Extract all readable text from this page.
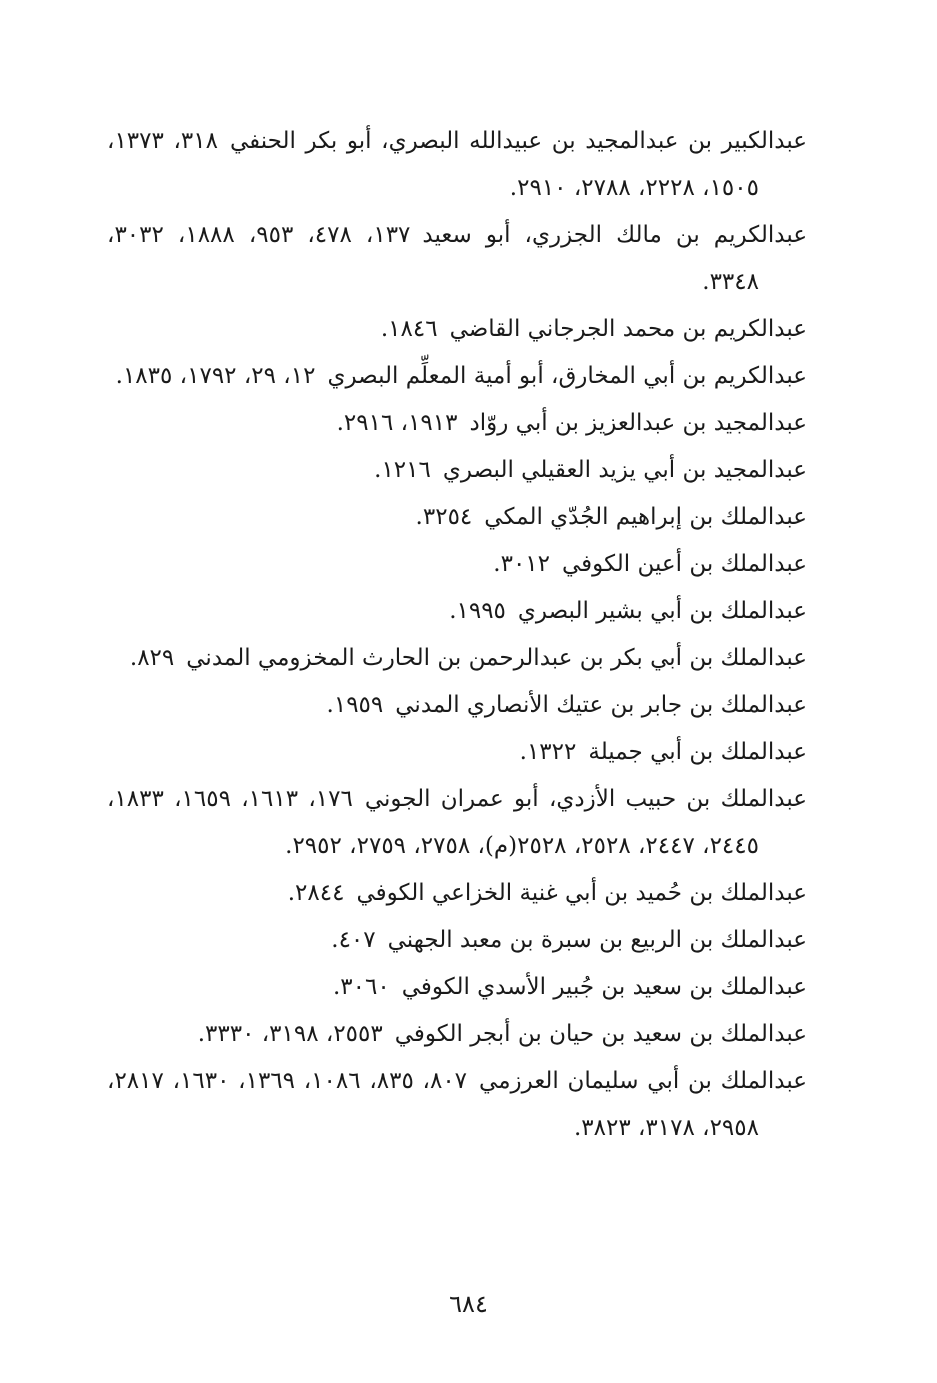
عبدالكبير بن عبدالمجيد بن عبيدالله البصري، أبو بكر الحنفي٣١٨، ١٣٧٣، ١٥٠٥، ٢٢٢٨، ٢٧٨٨، ٢٩١٠.
عبدالكريم بن مالك الجزري، أبو سعيد١٣٧، ٤٧٨، ٩٥٣، ١٨٨٨، ٣٠٣٢، ٣٣٤٨.
عبدالكريم بن محمد الجرجاني القاضي١٨٤٦.
عبدالكريم بن أبي المخارق، أبو أمية المعلِّم البصري١٢، ٢٩، ١٧٩٢، ١٨٣٥.
عبدالمجيد بن عبدالعزيز بن أبي روّاد١٩١٣، ٢٩١٦.
عبدالمجيد بن أبي يزيد العقيلي البصري١٢١٦.
عبدالملك بن إبراهيم الجُدّي المكي٣٢٥٤.
عبدالملك بن أعين الكوفي٣٠١٢.
عبدالملك بن أبي بشير البصري١٩٩٥.
عبدالملك بن أبي بكر بن عبدالرحمن بن الحارث المخزومي المدني٨٢٩.
عبدالملك بن جابر بن عتيك الأنصاري المدني١٩٥٩.
عبدالملك بن أبي جميلة١٣٢٢.
عبدالملك بن حبيب الأزدي، أبو عمران الجوني١٧٦، ١٦١٣، ١٦٥٩، ١٨٣٣، ٢٤٤٥، ٢٤٤٧، ٢٥٢٨، ٢٥٢٨(م)، ٢٧٥٨، ٢٧٥٩، ٢٩٥٢.
عبدالملك بن حُميد بن أبي غنية الخزاعي الكوفي٢٨٤٤.
عبدالملك بن الربيع بن سبرة بن معبد الجهني٤٠٧.
عبدالملك بن سعيد بن جُبير الأسدي الكوفي٣٠٦٠.
عبدالملك بن سعيد بن حيان بن أبجر الكوفي٢٥٥٣، ٣١٩٨، ٣٣٣٠.
عبدالملك بن أبي سليمان العرزمي٨٠٧، ٨٣٥، ١٠٨٦، ١٣٦٩، ١٦٣٠، ٢٨١٧، ٢٩٥٨، ٣١٧٨، ٣٨٢٣.
٦٨٤
